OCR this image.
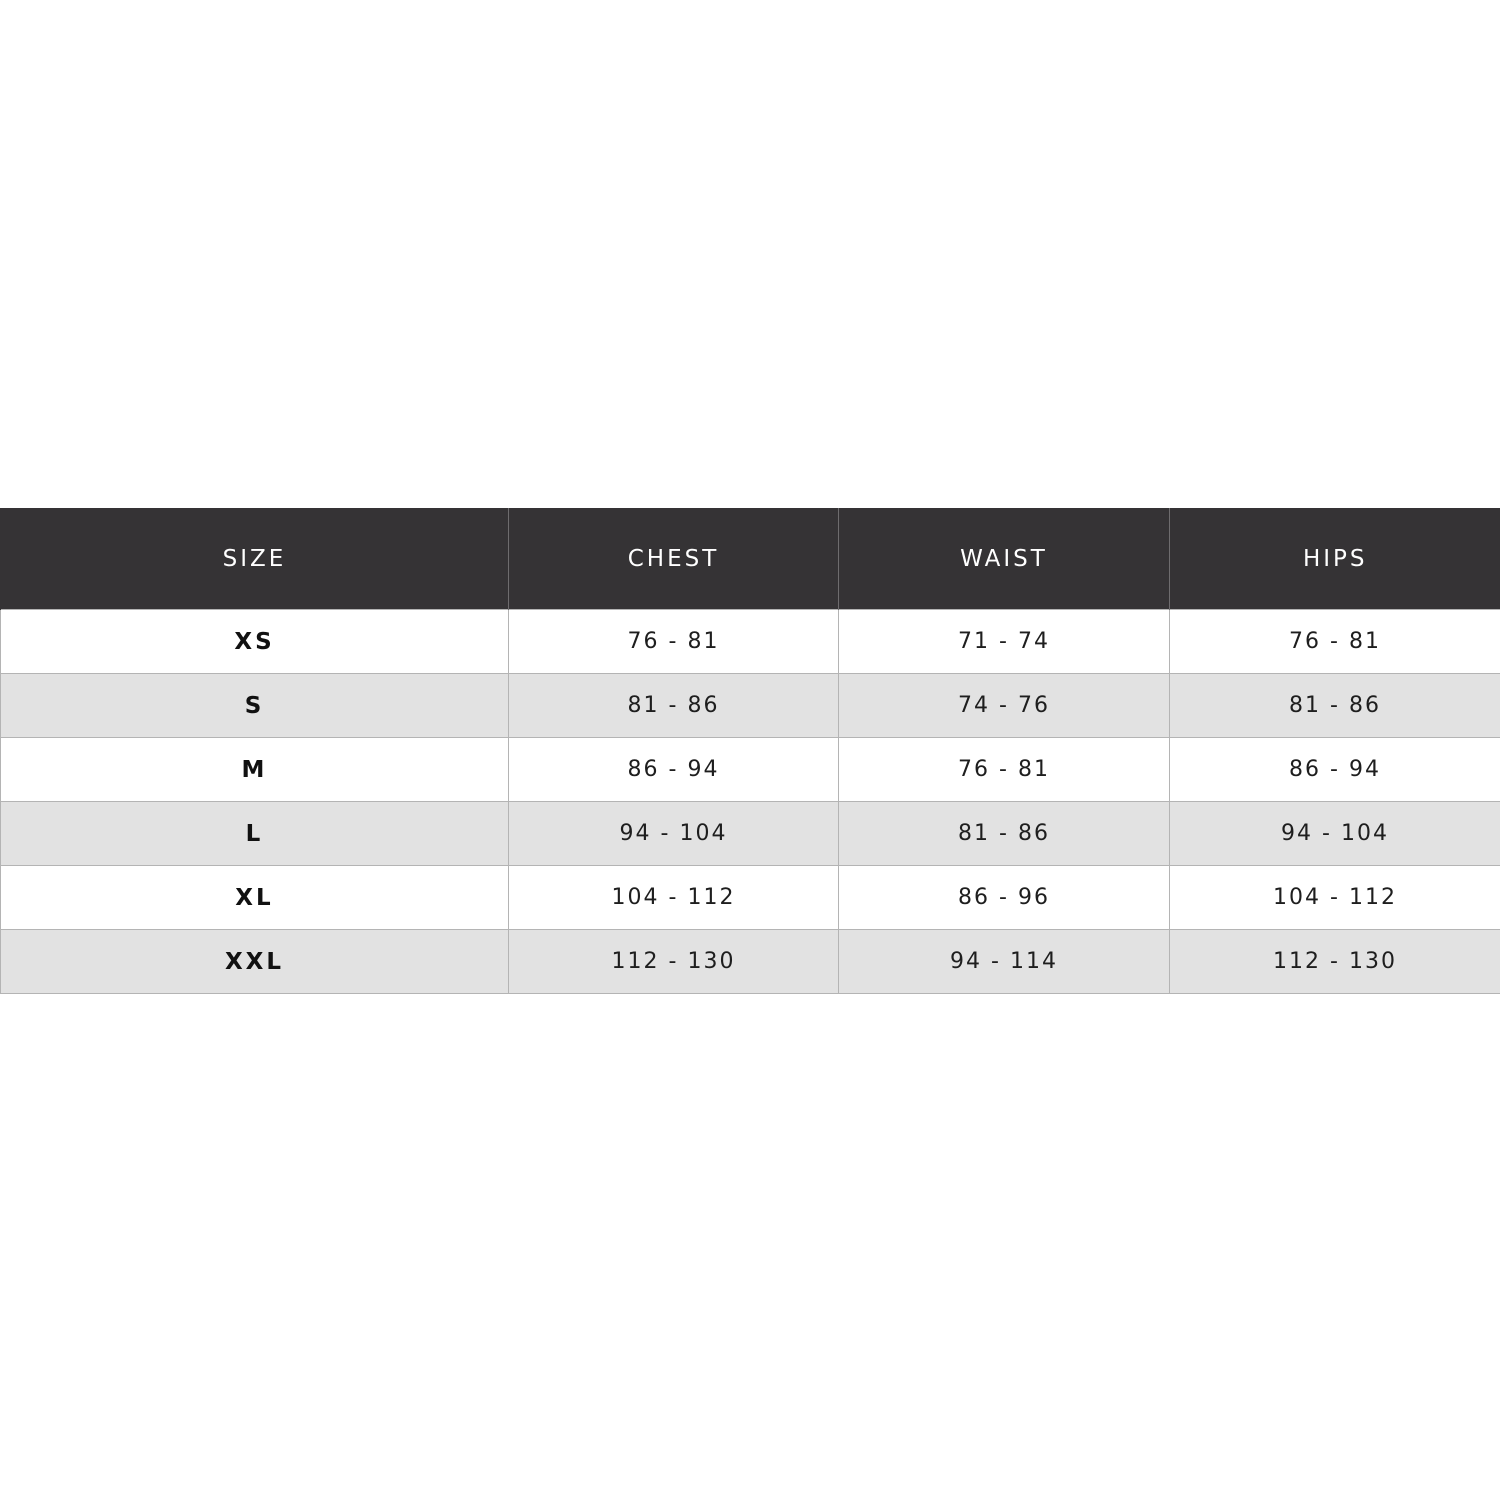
SIZE	CHEST	WAIST	HIPS
XS	76 - 81	71 - 74	76 - 81
S	81 - 86	74 - 76	81 - 86
M	86 - 94	76 - 81	86 - 94
L	94 - 104	81 - 86	94 - 104
XL	104 - 112	86 - 96	104 - 112
XXL	112 - 130	94 - 114	112 - 130
